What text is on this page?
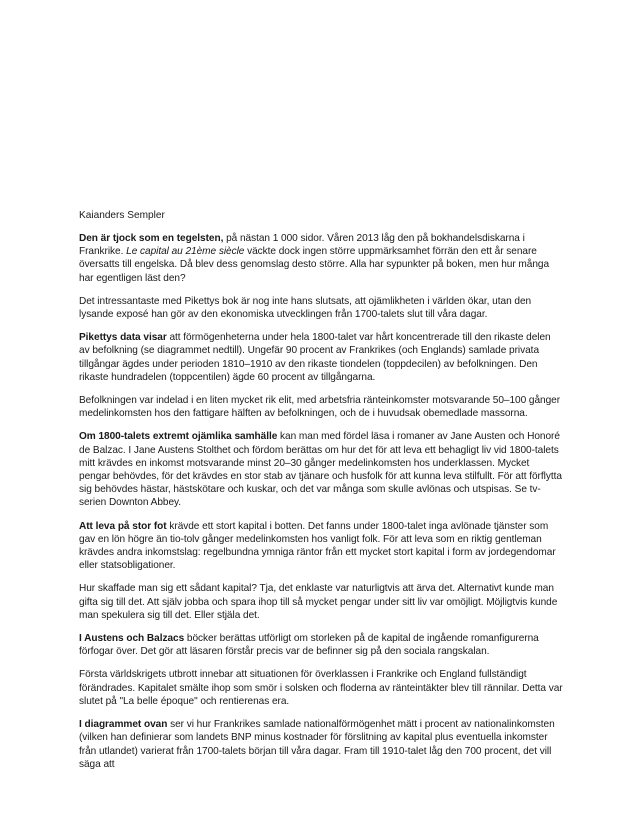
Kaianders Sempler

Den är tjock som en tegelsten, på nästan 1 000 sidor. Våren 2013 låg den på bokhandelsdiskarna i Frankrike. Le capital au 21ème siècle väckte dock ingen större uppmärksamhet förrän den ett år senare översatts till engelska. Då blev dess genomslag desto större. Alla har sypunkter på boken, men hur många har egentligen läst den?

Det intressantaste med Pikettys bok är nog inte hans slutsats, att ojämlikheten i världen ökar, utan den lysande exposé han gör av den ekonomiska utvecklingen från 1700-talets slut till våra dagar.

Pikettys data visar att förmögenheterna under hela 1800-talet var hårt koncentrerade till den rikaste delen av befolkning (se diagrammet nedtill). Ungefär 90 procent av Frankrikes (och Englands) samlade privata tillgångar ägdes under perioden 1810–1910 av den rikaste tiondelen (toppdecilen) av befolkningen. Den rikaste hundradelen (toppcentilen) ägde 60 procent av tillgångarna.

Befolkningen var indelad i en liten mycket rik elit, med arbetsfria ränteinkomster motsvarande 50–100 gånger medelinkomsten hos den fattigare hälften av befolkningen, och de i huvudsak obemedlade massorna.

Om 1800-talets extremt ojämlika samhälle kan man med fördel läsa i romaner av Jane Austen och Honoré de Balzac. I Jane Austens Stolthet och fördom berättas om hur det för att leva ett behagligt liv vid 1800-talets mitt krävdes en inkomst motsvarande minst 20–30 gånger medelinkomsten hos underklassen. Mycket pengar behövdes, för det krävdes en stor stab av tjänare och husfolk för att kunna leva stilfullt. För att förflytta sig behövdes hästar, hästskötare och kuskar, och det var många som skulle avlönas och utspisas. Se tv-serien Downton Abbey.

Att leva på stor fot krävde ett stort kapital i botten. Det fanns under 1800-talet inga avlönade tjänster som gav en lön högre än tio-tolv gånger medelinkomsten hos vanligt folk. För att leva som en riktig gentleman krävdes andra inkomstslag: regelbundna ymniga räntor från ett mycket stort kapital i form av jordegendomar eller statsobligationer.

Hur skaffade man sig ett sådant kapital? Tja, det enklaste var naturligtvis att ärva det. Alternativt kunde man gifta sig till det. Att själv jobba och spara ihop till så mycket pengar under sitt liv var omöjligt. Möjligtvis kunde man spekulera sig till det. Eller stjäla det.

I Austens och Balzacs böcker berättas utförligt om storleken på de kapital de ingående romanfigurerna förfogar över. Det gör att läsaren förstår precis var de befinner sig på den sociala rangskalan.

Första världskrigets utbrott innebar att situationen för överklassen i Frankrike och England fullständigt förändrades. Kapitalet smälte ihop som smör i solsken och floderna av ränteintäkter blev till rännilar. Detta var slutet på "La belle époque" och rentierenas era.

I diagrammet ovan ser vi hur Frankrikes samlade nationalförmögenhet mätt i procent av nationalinkomsten (vilken han definierar som landets BNP minus kostnader för förslitning av kapital plus eventuella inkomster från utlandet) varierat från 1700-talets början till våra dagar. Fram till 1910-talet låg den 700 procent, det vill säga att
